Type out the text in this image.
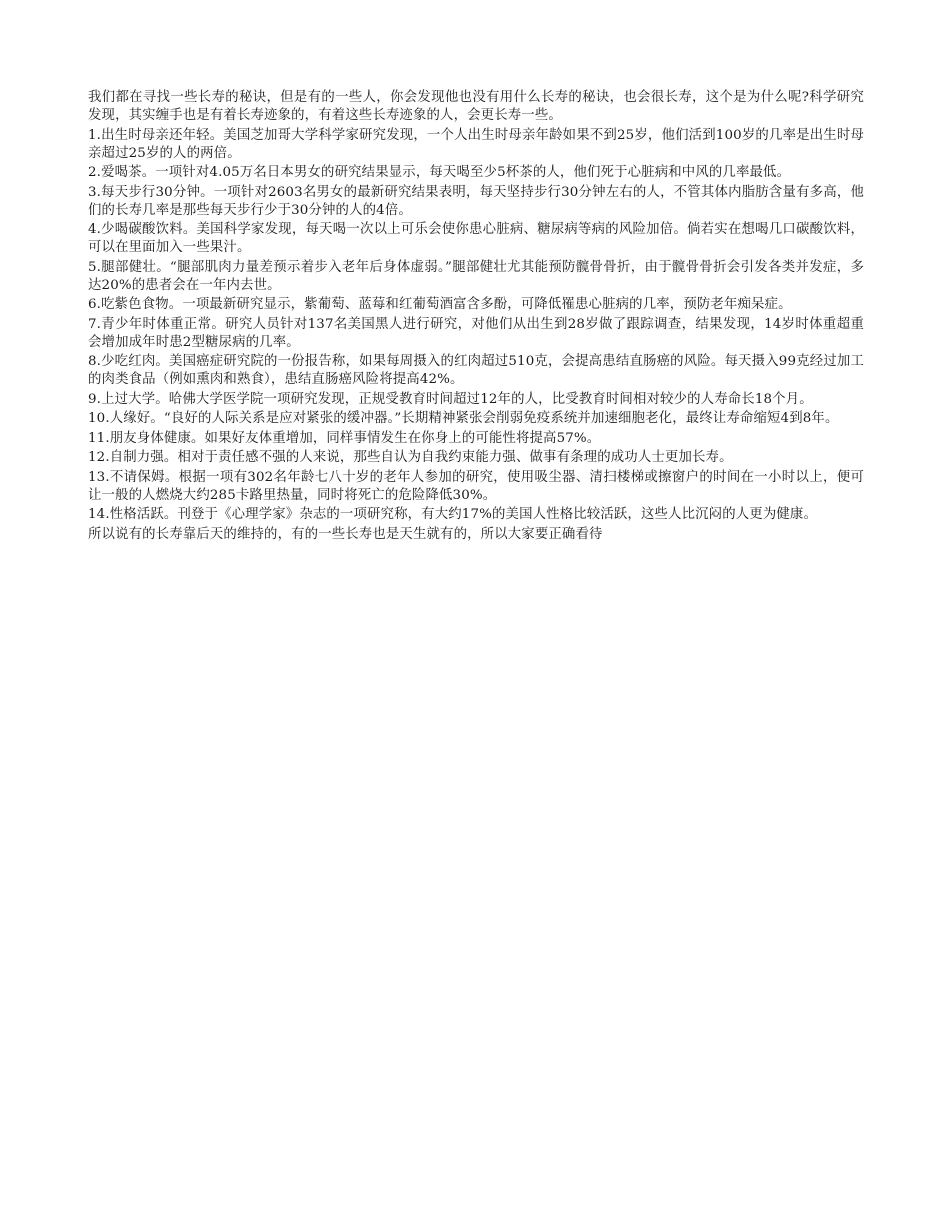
我们都在寻找一些长寿的秘诀，但是有的一些人，你会发现他也没有用什么长寿的秘诀，也会很长寿，这个是为什么呢?科学研究发现，其实缠手也是有着长寿迹象的，有着这些长寿迹象的人，会更长寿一些。

1.出生时母亲还年轻。美国芝加哥大学科学家研究发现，一个人出生时母亲年龄如果不到25岁，他们活到100岁的几率是出生时母亲超过25岁的人的两倍。

2.爱喝茶。一项针对4.05万名日本男女的研究结果显示，每天喝至少5杯茶的人，他们死于心脏病和中风的几率最低。

3.每天步行30分钟。一项针对2603名男女的最新研究结果表明，每天坚持步行30分钟左右的人，不管其体内脂肪含量有多高，他们的长寿几率是那些每天步行少于30分钟的人的4倍。

4.少喝碳酸饮料。美国科学家发现，每天喝一次以上可乐会使你患心脏病、糖尿病等病的风险加倍。倘若实在想喝几口碳酸饮料，可以在里面加入一些果汁。

5.腿部健壮。“腿部肌肉力量差预示着步入老年后身体虚弱。”腿部健壮尤其能预防髋骨骨折，由于髋骨骨折会引发各类并发症，多达20%的患者会在一年内去世。

6.吃紫色食物。一项最新研究显示，紫葡萄、蓝莓和红葡萄酒富含多酚，可降低罹患心脏病的几率，预防老年痴呆症。

7.青少年时体重正常。研究人员针对137名美国黑人进行研究，对他们从出生到28岁做了跟踪调查，结果发现，14岁时体重超重会增加成年时患2型糖尿病的几率。

8.少吃红肉。美国癌症研究院的一份报告称，如果每周摄入的红肉超过510克，会提高患结直肠癌的风险。每天摄入99克经过加工的肉类食品（例如熏肉和熟食），患结直肠癌风险将提高42%。

9.上过大学。哈佛大学医学院一项研究发现，正规受教育时间超过12年的人，比受教育时间相对较少的人寿命长18个月。

10.人缘好。“良好的人际关系是应对紧张的缓冲器。”长期精神紧张会削弱免疫系统并加速细胞老化，最终让寿命缩短4到8年。

11.朋友身体健康。如果好友体重增加，同样事情发生在你身上的可能性将提高57%。

12.自制力强。相对于责任感不强的人来说，那些自认为自我约束能力强、做事有条理的成功人士更加长寿。

13.不请保姆。根据一项有302名年龄七八十岁的老年人参加的研究，使用吸尘器、清扫楼梯或擦窗户的时间在一小时以上，便可让一般的人燃烧大约285卡路里热量，同时将死亡的危险降低30%。

14.性格活跃。刊登于《心理学家》杂志的一项研究称，有大约17%的美国人性格比较活跃，这些人比沉闷的人更为健康。

所以说有的长寿靠后天的维持的，有的一些长寿也是天生就有的，所以大家要正确看待
